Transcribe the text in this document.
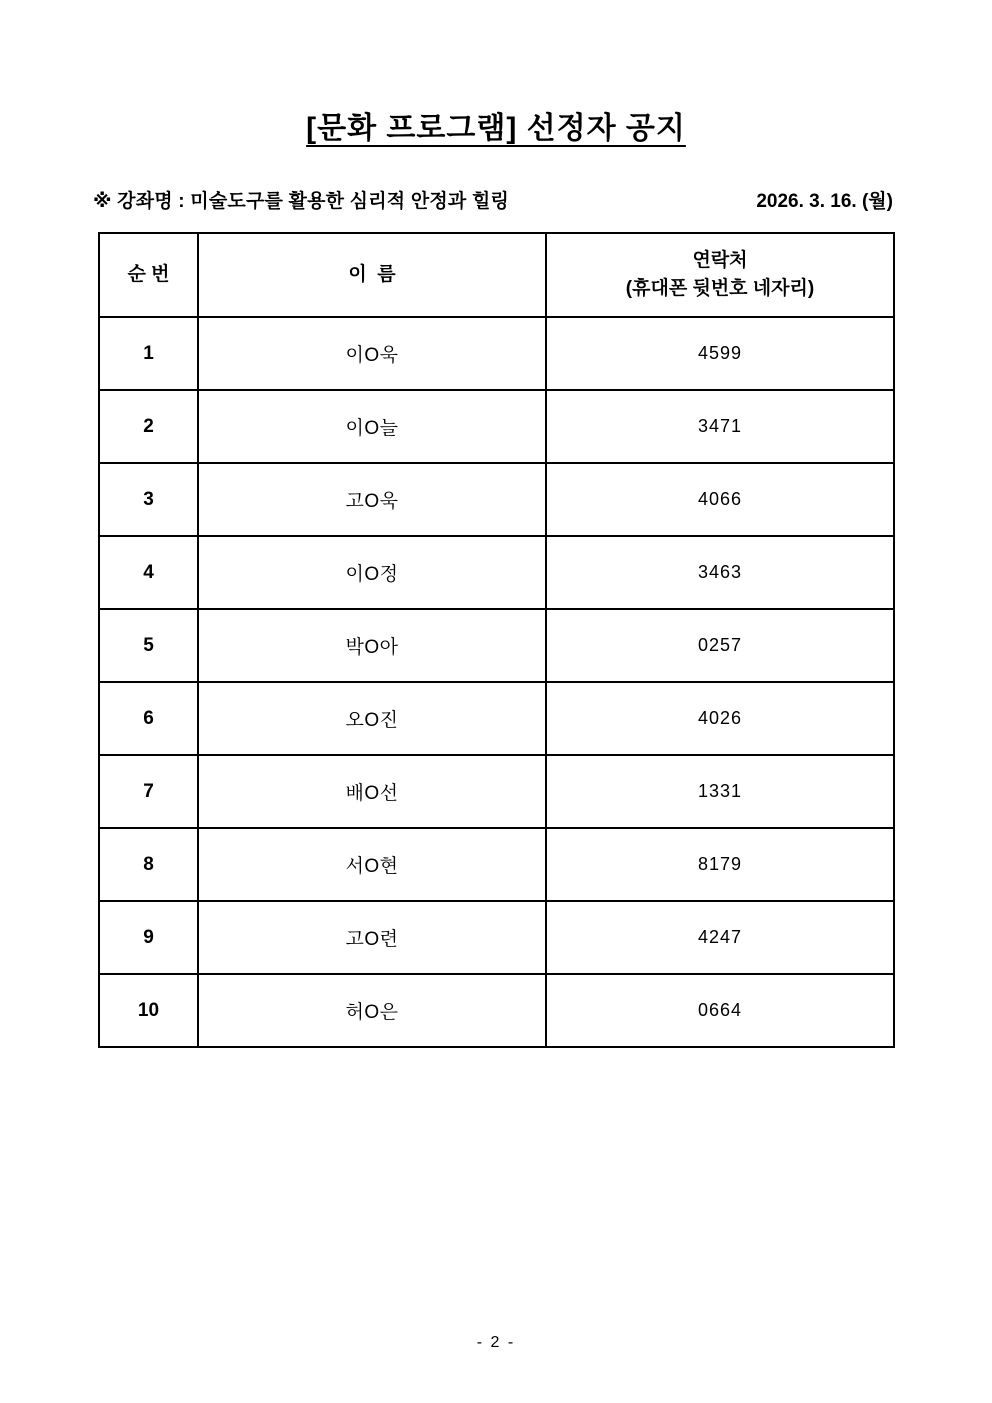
[문화 프로그램] 선정자 공지
※ 강좌명 : 미술도구를 활용한 심리적 안정과 힐링	2026. 3. 16. (월)
순 번	이  름	연락처
(휴대폰 뒷번호 네자리)
1	이O욱	4599
2	이O늘	3471
3	고O욱	4066
4	이O정	3463
5	박O아	0257
6	오O진	4026
7	배O선	1331
8	서O현	8179
9	고O련	4247
10	허O은	0664
- 2 -
